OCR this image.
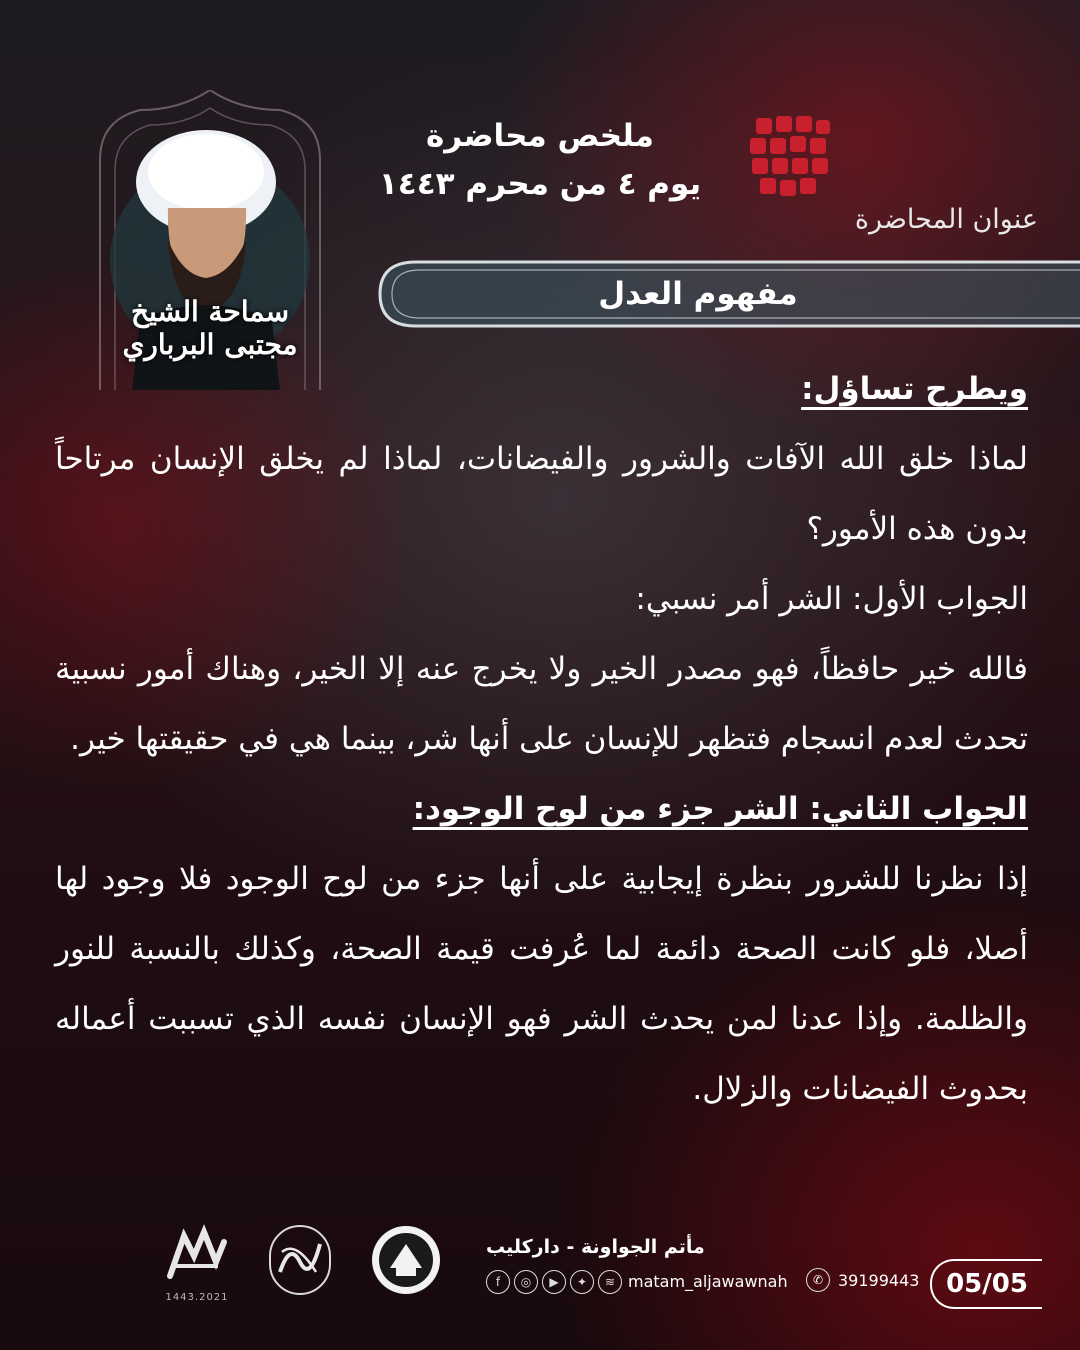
سماحة الشيخ مجتبى البرباري
ملخص محاضرة
يوم ٤ من محرم ١٤٤٣
عنوان المحاضرة
مفهوم العدل

ويطرح تساؤل:

لماذا خلق الله الآفات والشرور والفيضانات، لماذا لم يخلق الإنسان مرتاحاً بدون هذه الأمور؟

الجواب الأول: الشر أمر نسبي:

فالله خير حافظاً، فهو مصدر الخير ولا يخرج عنه إلا الخير، وهناك أمور نسبية تحدث لعدم انسجام فتظهر للإنسان على أنها شر، بينما هي في حقيقتها خير.

الجواب الثاني: الشر جزء من لوح الوجود:

إذا نظرنا للشرور بنظرة إيجابية على أنها جزء من لوح الوجود فلا وجود لها أصلا، فلو كانت الصحة دائمة لما عُرفت قيمة الصحة، وكذلك بالنسبة للنور والظلمة. وإذا عدنا لمن يحدث الشر فهو الإنسان نفسه الذي تسببت أعماله بحدوث الفيضانات والزلال.

1443.2021
مأتم الجواونة - داركليب
f	◎	▶	✦	≋ matam_aljawawnah	✆ 39199443	05/05
